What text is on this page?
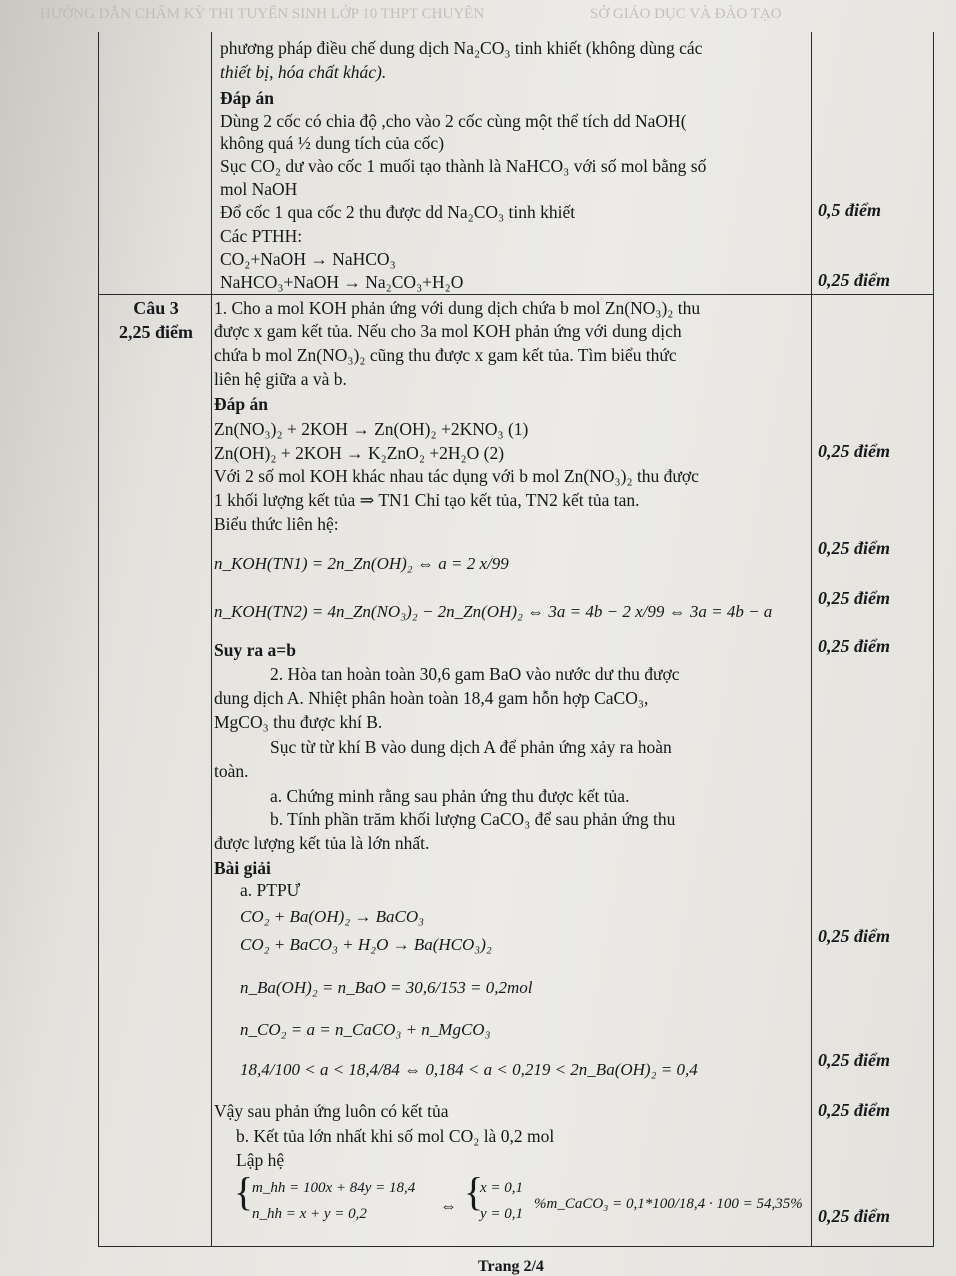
HƯỚNG DẪN CHẤM KỲ THI TUYỂN SINH LỚP 10 THPT CHUYÊN	SỞ GIÁO DỤC VÀ ĐÀO TẠO
phương pháp điều chế dung dịch Na₂CO₃ tinh khiết (không dùng các
thiết bị, hóa chất khác).
Đáp án
Dùng 2 cốc có chia độ ,cho vào 2 cốc cùng một thể tích dd NaOH(
không quá ½ dung tích của cốc)
Sục CO₂ dư vào cốc 1 muối tạo thành là NaHCO₃ với số mol bằng số
mol NaOH
Đổ cốc 1 qua cốc 2 thu được dd Na₂CO₃ tinh khiết
Các PTHH:
CO₂+NaOH → NaHCO₃
NaHCO₃+NaOH → Na₂CO₃+H₂O
0,5 điểm
0,25 điểm
Câu 3
2,25 điểm
1. Cho a mol KOH phản ứng với dung dịch chứa b mol Zn(NO₃)₂ thu
được x gam kết tủa. Nếu cho 3a mol KOH phản ứng với dung dịch
chứa b mol Zn(NO₃)₂ cũng thu được x gam kết tủa. Tìm biểu thức
liên hệ giữa a và b.
Đáp án
Zn(NO₃)₂ + 2KOH → Zn(OH)₂ +2KNO₃ (1)
Zn(OH)₂ + 2KOH → K₂ZnO₂ +2H₂O (2)
Với 2 số mol KOH khác nhau tác dụng với b mol Zn(NO₃)₂ thu được
1 khối lượng kết tủa ⇒ TN1 Chỉ tạo kết tủa, TN2 kết tủa tan.
Biểu thức liên hệ:
n_KOH(TN1) = 2n_Zn(OH)₂ ⇔ a = 2 x/99
n_KOH(TN2) = 4n_Zn(NO₃)₂ − 2n_Zn(OH)₂ ⇔ 3a = 4b − 2 x/99 ⇔ 3a = 4b − a
Suy ra a=b
0,25 điểm
0,25 điểm
0,25 điểm
0,25 điểm
2. Hòa tan hoàn toàn 30,6 gam BaO vào nước dư thu được
dung dịch A. Nhiệt phân hoàn toàn 18,4 gam hỗn hợp CaCO₃,
MgCO₃ thu được khí B.
Sục từ từ khí B vào dung dịch A để phản ứng xảy ra hoàn
toàn.
a. Chứng minh rằng sau phản ứng thu được kết tủa.
b. Tính phần trăm khối lượng CaCO₃ để sau phản ứng thu
được lượng kết tủa là lớn nhất.
Bài giải
a. PTPƯ
CO₂ + Ba(OH)₂ → BaCO₃
CO₂ + BaCO₃ + H₂O → Ba(HCO₃)₂
n_Ba(OH)₂ = n_BaO = 30,6/153 = 0,2mol
n_CO₂ = a = n_CaCO₃ + n_MgCO₃
18,4/100 < a < 18,4/84 ⇔ 0,184 < a < 0,219 < 2n_Ba(OH)₂ = 0,4
Vậy sau phản ứng luôn có kết tủa
b. Kết tủa lớn nhất khi số mol CO₂ là 0,2 mol
Lập hệ
{
m_hh = 100x + 84y = 18,4
n_hh = x + y = 0,2	⇔ {
x = 0,1
y = 0,1
%m_CaCO₃ = 0,1*100/18,4 · 100 = 54,35%
0,25 điểm
0,25 điểm
0,25 điểm
0,25 điểm
Trang 2/4
